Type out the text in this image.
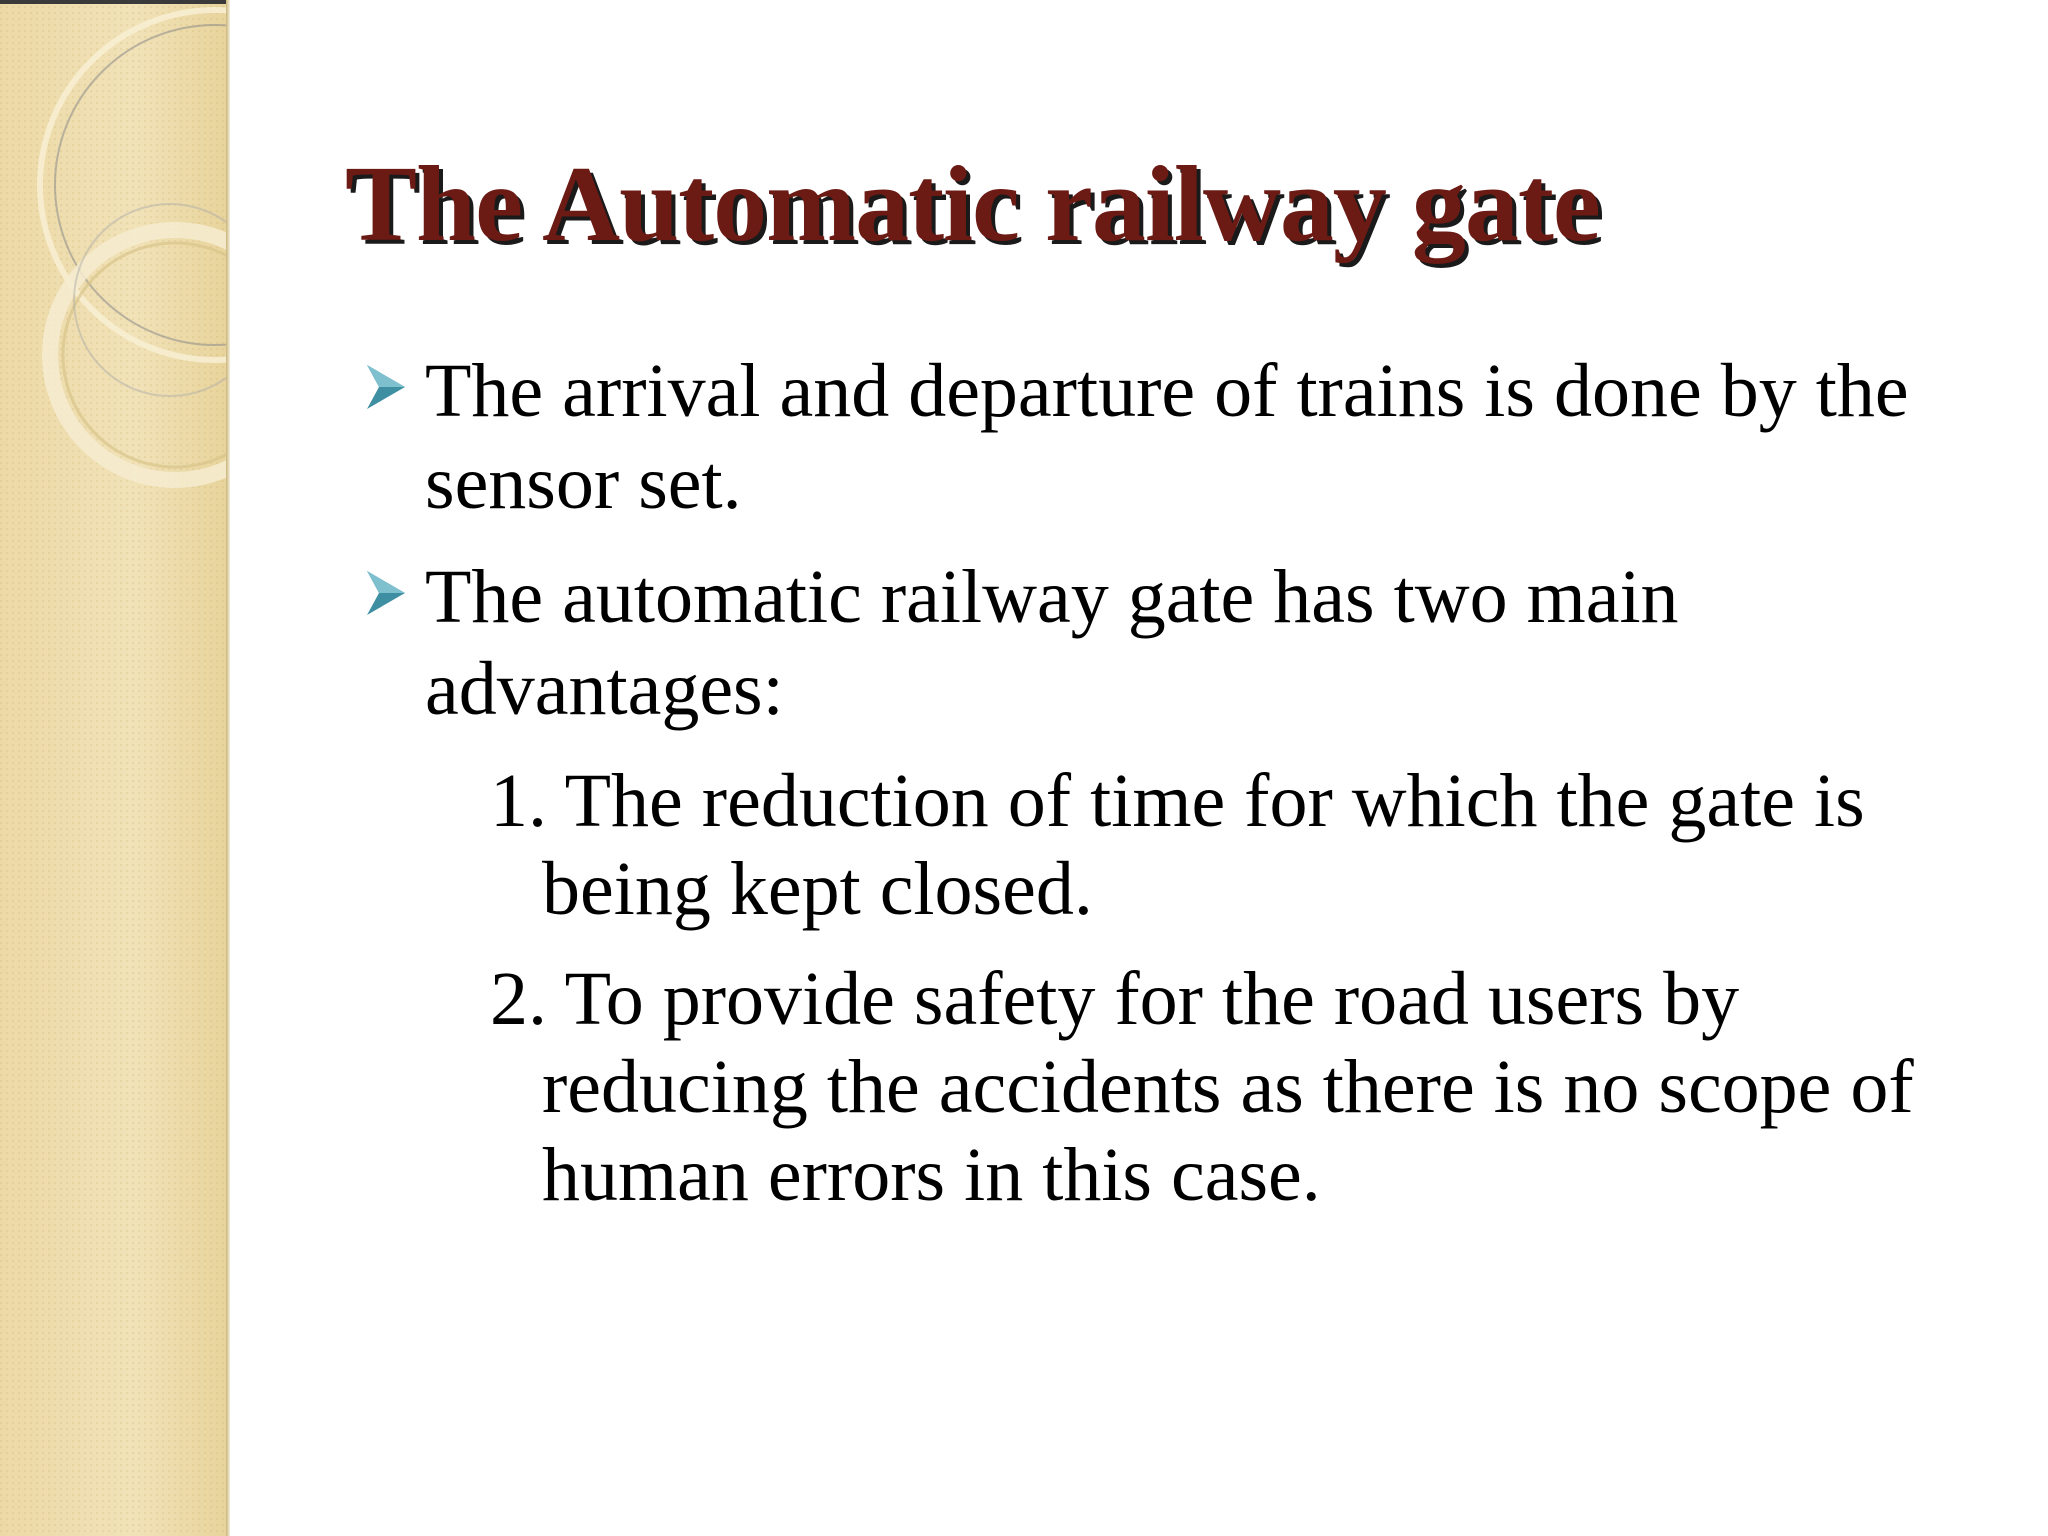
The Automatic railway gate
The arrival and departure of trains is done by the sensor set.
The automatic railway gate has two main advantages:
1. The reduction of time for which the gate is being kept closed.
2. To provide safety for the road users by reducing the accidents as there is no scope of human errors in this case.
